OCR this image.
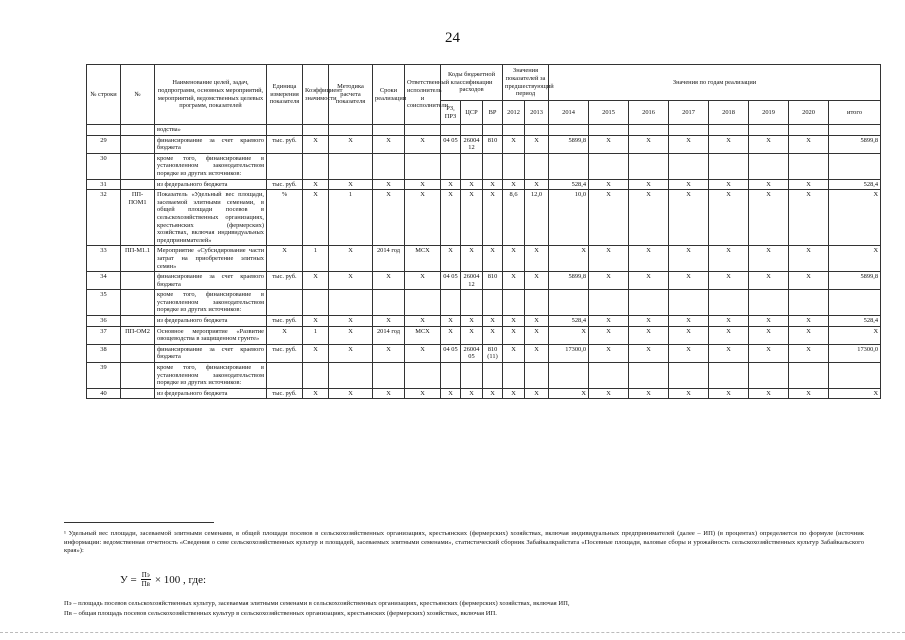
24
№ строки	№	Наименование целей, задач, подпрограмм, основных мероприятий, мероприятий, ведомственных целевых программ, показателей	Единица измерения показателя	Коэффициент значимости	Методика расчета показателя	Сроки реализации	Ответственный исполнитель и соисполнители	Коды бюджетной классификации расходов			Значения показателей за предшествующий период		Значения по годам реализации							
								РЗ, ПРЗ	ЦСР	ВР	2012	2013	2014	2015	2016	2017	2018	2019	2020	итого
		водства»																		
29		финансирование за счет краевого бюджета	тыс. руб.	Х	Х	Х	Х	04 05	26004 12	810	Х	Х	5899,8	Х	Х	Х	Х	Х	Х	5899,8
30		кроме того, финансирование в установленном законодательством порядке из других источников:																		
31		из федерального бюджета	тыс. руб.	Х	Х	Х	Х	Х	Х	Х	Х	Х	528,4	Х	Х	Х	Х	Х	Х	528,4
32	ПП-ПОМ1	Показатель «Удельный вес площади, засеваемой элитными семенами, в общей площади посевов в сельскохозяйственных организациях, крестьянских (фермерских) хозяйствах, включая индивидуальных предпринимателей»	%	Х	1	Х	Х	Х	Х	Х	8,6	12,0	10,0	Х	Х	Х	Х	Х	Х	Х
33	ПП-М1.1	Мероприятие «Субсидирование части затрат на приобретение элитных семян»	Х	1	Х	2014 год	МСХ	Х	Х	Х	Х	Х	Х	Х	Х	Х	Х	Х	Х	Х
34		финансирование за счет краевого бюджета	тыс. руб.	Х	Х	Х	Х	04 05	26004 12	810	Х	Х	5899,8	Х	Х	Х	Х	Х	Х	5899,8
35		кроме того, финансирование в установленном законодательством порядке из других источников:																		
36		из федерального бюджета	тыс. руб.	Х	Х	Х	Х	Х	Х	Х	Х	Х	528,4	Х	Х	Х	Х	Х	Х	528,4
37	ПП-ОМ2	Основное мероприятие «Развитие овощеводства в защищенном грунте»	Х	1	Х	2014 год	МСХ	Х	Х	Х	Х	Х	Х	Х	Х	Х	Х	Х	Х	Х
38		финансирование за счет краевого бюджета	тыс. руб.	Х	Х	Х	Х	04 05	26004 05	810 (11)	Х	Х	17300,0	Х	Х	Х	Х	Х	Х	17300,0
39		кроме того, финансирование в установленном законодательством порядке из других источников:																		
40		из федерального бюджета	тыс. руб.	Х	Х	Х	Х	Х	Х	Х	Х	Х	Х	Х	Х	Х	Х	Х	Х	Х
¹ Удельный вес площади, засеваемой элитными семенами, в общей площади посевов в сельскохозяйственных организациях, крестьянских (фермерских) хозяйствах, включая индивидуальных предпринимателей (далее – ИП) (в процентах) определяется по формуле (источник информации: ведомственная отчетность «Сведения о севе сельскохозяйственных культур и площадей, засеваемых элитными семенами», статистический сборник Забайкалкрайстата «Посевные площади, валовые сборы и урожайность сельскохозяйственных культур Забайкальского края»):
$У = \frac{Пэ}{Пв} \times 100$ , где:
Пэ – площадь посевов сельскохозяйственных культур, засеваемая элитными семенами в сельскохозяйственных организациях, крестьянских (фермерских) хозяйствах, включая ИП,
Пв – общая площадь посевов сельскохозяйственных культур в сельскохозяйственных организациях, крестьянских (фермерских) хозяйствах, включая ИП.
